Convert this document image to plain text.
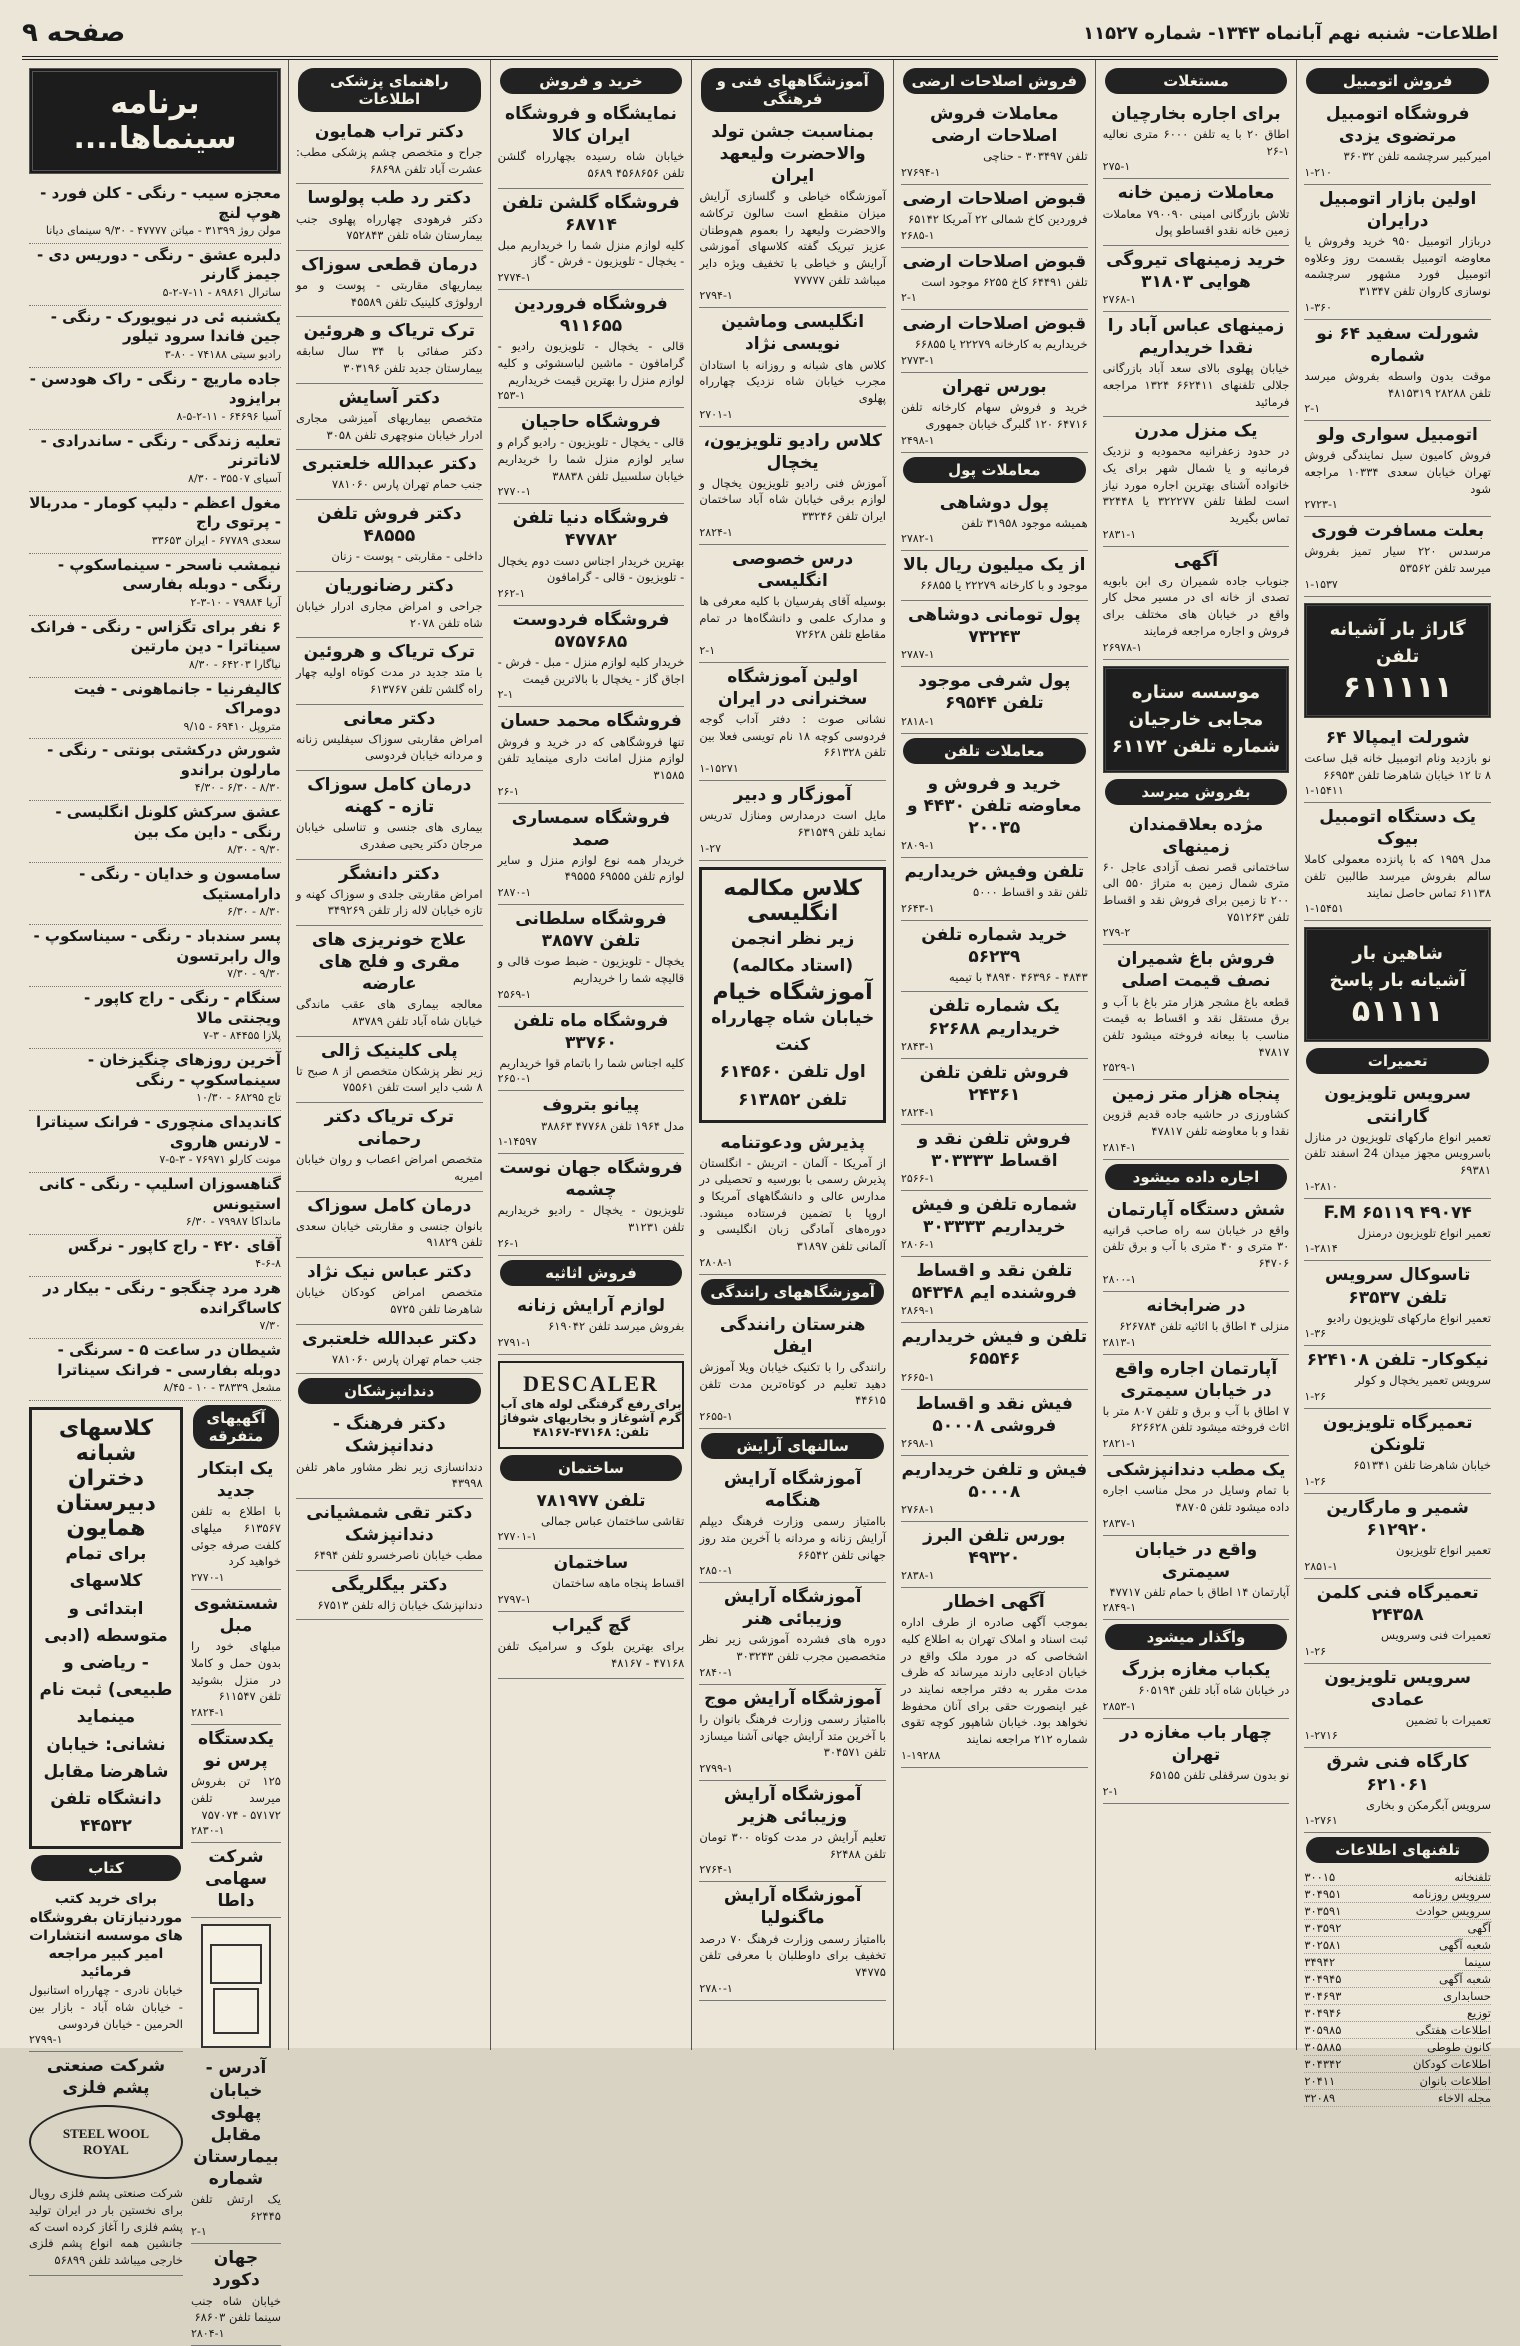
اطلاعات- شنبه نهم آبانماه ۱۳۴۳- شماره ۱۱۵۲۷
صفحه ۹
فروش اتومبیل
فروشگاه اتومبیل مرتضوی یزدی

امیرکبیر سرچشمه تلفن ۳۶۰۳۲

۱-۲۱۰
اولین بازار اتومبیل درایران

دربازار اتومبیل ۹۵۰ خرید وفروش یا معاوضه اتومبیل بقسمت روز وعلاوه اتومبیل فورد مشهور سرچشمه نوسازی کاروان تلفن ۳۱۳۴۷

۱-۳۶۰
شورلت سفید ۶۴ نو شماره

موقت بدون واسطه بفروش میرسد تلفن ۲۸۲۸۸ ۴۸۱۵۳۱۹

۲-۱
اتومبیل سواری ولو

فروش کامیون سیل نمایندگی فروش تهران خیابان سعدی ۱۰۳۳۴ مراجعه شود

۲۷۲۳-۱
بعلت مسافرت فوری

مرسدس ۲۲۰ سیار تمیز بفروش میرسد تلفن ۵۳۵۶۲

۱-۱۵۳۷
گاراژ بار آشیانه
تلفن
۶۱۱۱۱۱
شورلت ایمپالا ۶۴

نو بازدید ونام اتومبیل خانه قبل ساعت ۸ تا ۱۲ خیابان شاهرضا تلفن ۶۶۹۵۳

۱-۱۵۴۱۱
یک دستگاه اتومبیل بیوک

مدل ۱۹۵۹ که با پانزده معمولی کاملا سالم بفروش میرسد طالبین تلفن ۶۱۱۳۸ تماس حاصل نمایند

۱-۱۵۴۵۱
شاهین بار
آشیانه بار پاسخ
۵۱۱۱۱
تعمیرات
سرویس تلویزیون گارانتی

تعمیر انواع مارکهای تلویزیون در منازل باسرویس مجهز میدان 24 اسفند تلفن ۶۹۳۸۱

۱-۲۸۱۰
F.M ۶۵۱۱۹ ۴۹۰۷۴

تعمیر انواع تلویزیون درمنزل

۱-۲۸۱۴
تاسوکال سرویس تلفن ۶۳۵۳۷

تعمیر انواع مارکهای تلویزیون رادیو

۱-۳۶
نیکوکار- تلفن ۶۲۴۱۰۸

سرویس تعمیر یخچال و کولر

۱-۲۶
تعمیرگاه تلویزیون تلونکن

خیابان شاهرضا تلفن ۶۵۱۳۴۱

۱-۲۶
شمیر و مارگارین ۶۱۲۹۲۰

تعمیر انواع تلویزیون

۲۸۵۱-۱
تعمیرگاه فنی کلمن ۲۴۳۵۸

تعمیرات فنی وسرویس

۱-۲۶
سرویس تلویزیون عمادی

تعمیرات با تضمین

۱-۲۷۱۶
کارگاه فنی شرق ۶۲۱۰۶۱

سرویس آبگرمکن و بخاری

۱-۲۷۶۱
تلفنهای اطلاعات
تلفنخانه
۳۰۰۱۵
سرویس روزنامه
۳۰۴۹۵۱
سرویس حوادث
۳۰۳۵۹۱
آگهی
۳۰۳۵۹۲
شعبه آگهی
۳۰۲۵۸۱
سینما
۳۴۹۴۲
شعبه آگهی
۳۰۴۹۴۵
حسابداری
۳۰۴۶۹۳
توزیع
۳۰۴۹۴۶
اطلاعات هفتگی
۳۰۵۹۸۵
کانون طوطی
۳۰۵۸۸۵
اطلاعات کودکان
۳۰۴۳۴۲
اطلاعات بانوان
۲۰۴۱۱
مجله الاخاء
۳۲۰۸۹
مستغلات
برای اجاره بخارچیان

اطاق ۲۰ با یه تلفن ۶۰۰۰ متری نعالیه ۱-۲۶

۲۷۵-۱
معاملات زمین خانه

تلاش بازرگانی امینی ۷۹۰۰۹۰ معاملات زمین خانه نقدو اقساطو پول

خرید زمینهای تیروگی هوایی ۳۱۸۰۳
۲۷۶۸-۱
زمینهای عباس آباد را نقدا خریداریم

خیابان پهلوی بالای سعد آباد بازرگانی جلالی تلفنهای ۶۶۲۴۱۱ ۱۳۲۴ مراجعه فرمائید

یک منزل مدرن

در حدود زعفرانیه محمودیه و نزدیک فرمانیه و یا شمال شهر برای یک خانواده آشنای بهترین اجاره مورد نیاز است لطفا تلفن ۳۲۲۲۷۷ یا ۳۲۴۴۸ تماس بگیرید

۲۸۳۱-۱
آگهی

جنوباب جاده شمیران ری ابن بابویه تصدی از خانه ای در مسیر محل کار واقع در خیابان های مختلف برای فروش و اجاره مراجعه فرمایند

۲۶۹۷۸-۱
موسسه ستاره مجابی خارجیان
شماره تلفن ۶۱۱۷۲
بفروش میرسد
مژده بعلاقمندان زمینهای

ساختمانی قصر نصف آزادی عاجل ۶۰ متری شمال زمین به متراژ ۵۵۰ الی ۲۰۰ تا زمین برای فروش نقد و اقساط تلفن ۷۵۱۲۶۳

۲۷۹-۲
فروش باغ شمیران نصف قیمت اصلی

قطعه باغ مشجر هزار متر باغ با آب و برق مستقل نقد و اقساط به قیمت مناسب با بیعانه فروخته میشود تلفن ۴۷۸۱۷

۲۵۲۹-۱
پنجاه هزار متر زمین

کشاورزی در حاشیه جاده قدیم قزوین نقدا و با معاوضه تلفن ۴۷۸۱۷

۲۸۱۴-۱
اجاره داده میشود
شش دستگاه آپارتمان

واقع در خیابان سه راه صاحب قرانیه ۳۰ متری و ۴۰ متری با آب و برق تلفن ۶۴۷۰۶

۲۸۰۰-۱
در ضرابخانه

منزلی ۴ اطاق با اثاثیه تلفن ۶۲۶۷۸۴

۲۸۱۳-۱
آپارتمان اجاره واقع در خیابان سیمتری

۷ اطاق با آب و برق و تلفن ۸۰۷ متر با اثاث فروخته میشود تلفن ۶۲۶۶۲۸

۲۸۲۱-۱
یک مطب دندانپزشکی

با تمام وسایل در محل مناسب اجاره داده میشود تلفن ۴۸۷۰۵

۲۸۳۷-۱
واقع در خیابان سیمتری

آپارتمان ۱۴ اطاق با حمام تلفن ۴۷۷۱۷

۲۸۴۹-۱
واگذار میشود
یکباب مغازه بزرگ

در خیابان شاه آباد تلفن ۶۰۵۱۹۴

۲۸۵۳-۱
چهار باب مغازه در تهران

نو بدون سرقفلی تلفن ۶۵۱۵۵

۲-۱
فروش اصلاحات ارضی
معاملات فروش اصلاحات ارضی

تلفن ۳۰۳۴۹۷ - حناچی

۲۷۶۹۴-۱
قبوض اصلاحات ارضی

فروردین کاخ شمالی ۲۲ آمریکا ۶۵۱۴۲

۲۶۸۵-۱
قبوض اصلاحات ارضی

تلفن ۶۴۴۹۱ کاخ ۶۲۵۵ موجود است

۲-۱
قبوض اصلاحات ارضی

خریداریم به کارخانه ۲۲۲۷۹ یا ۶۶۸۵۵

۲۷۷۳-۱
بورس تهران

خرید و فروش سهام کارخانه تلفن ۶۴۷۱۶ ۱۲۰ گلبرگ خیابان جمهوری

۲۴۹۸-۱
معاملات پول
پول دوشاهی

همیشه موجود ۳۱۹۵۸ تلفن

۲۷۸۲-۱
از یک میلیون ریال بالا

موجود و با کارخانه ۲۲۲۷۹ یا ۶۶۸۵۵

پول تومانی دوشاهی ۷۳۲۴۳
۲۷۸۷-۱
پول شرفی موجود تلفن ۶۹۵۴۴
۲۸۱۸-۱
معاملات تلفن
خرید و فروش و معاوضه تلفن ۴۴۳۰ و ۲۰۰۳۵
۲۸۰۹-۱
تلفن وفیش خریداریم

تلفن نقد و اقساط ۵۰۰۰

۲۶۴۳-۱
خرید شماره تلفن ۵۶۲۳۹

۴۸۴۳ - ۴۶۳۹۶ ۴۸۹۴۰ با تیمیه

یک شماره تلفن خریداریم ۶۲۶۸۸
۲۸۴۳-۱
فروش تلفن تلفن ۲۴۳۶۱
۲۸۲۴-۱
فروش تلفن نقد و اقساط ۳۰۳۳۳۳
۲۵۶۶-۱
شماره تلفن و فیش خریداریم ۳۰۳۳۳۳
۲۸۰۶-۱
تلفن نقد و اقساط فروشنده ایم ۵۴۳۴۸
۲۸۶۹-۱
تلفن و فیش خریداریم ۶۵۵۴۶
۲۶۶۵-۱
فیش نقد و اقساط فروشی ۵۰۰۰۸
۲۶۹۸-۱
فیش و تلفن خریداریم ۵۰۰۰۸
۲۷۶۸-۱
بورس تلفن البرز ۴۹۳۲۰
۲۸۳۸-۱
آگهی اخطار

بموجب آگهی صادره از طرف اداره ثبت اسناد و املاک تهران به اطلاع کلیه اشخاصی که در مورد ملک واقع در خیابان ادعایی دارند میرساند که ظرف مدت مقرر به دفتر مراجعه نمایند در غیر اینصورت حقی برای آنان محفوظ نخواهد بود. خیابان شاهپور کوچه تقوی شماره ۲۱۲ مراجعه نمایند

۱-۱۹۲۸۸
آموزشگاههای فنی و فرهنگی
بمناسبت جشن تولد والاحضرت ولیعهد ایران

آموزشگاه خیاطی و گلسازی آرایش میزان منقطع است سالون ترکاشه والاحضرت ولیعهد را بعموم هم‌وطنان عزیز تبریک گفته کلاسهای آموزشی آرایش و خیاطی با تخفیف ویژه دایر میباشد تلفن ۷۷۷۷۷

۲۷۹۴-۱
انگلیسی وماشین نویسی نژاد

کلاس های شبانه و روزانه با استادان مجرب خیابان شاه نزدیک چهارراه پهلوی

۲۷۰۱-۱
کلاس رادیو تلویزیون، یخچال

آموزش فنی رادیو تلویزیون یخچال و لوازم برقی خیابان شاه آباد ساختمان ایران تلفن ۳۳۲۴۶

۲۸۲۴-۱
درس خصوصی انگلیسی

بوسیله آقای پفرسیان با کلیه معرفی ها و مدارک علمی و دانشگاه‌ها در تمام مقاطع تلفن ۷۲۶۲۸

۲-۱
اولین آموزشگاه سخنرانی در ایران

نشانی صوت : دفتر آداب گوجه فردوسی کوچه ۱۸ نام تویسی فعلا بین تلفن ۶۶۱۳۲۸

۱-۱۵۲۷۱
آموزگار و دبیر

مایل است درمدارس ومنازل تدریس نماید تلفن ۶۳۱۵۴۹

۱-۲۷
کلاس مکالمه انگلیسی
زیر نظر انجمن (استاد مکالمه)
آموزشگاه خیام
خیابان شاه چهارراه کنت
اول تلفن ۶۱۴۵۶۰ تلفن ۶۱۳۸۵۲
پذیرش ودعوتنامه

از آمریکا - آلمان - اتریش - انگلستان پذیرش رسمی با بورسیه و تحصیلی در مدارس عالی و دانشگاههای آمریکا و اروپا با تضمین فرستاده میشود. دوره‌های آمادگی زبان انگلیسی و آلمانی تلفن ۳۱۸۹۷

۲۸۰۸-۱
آموزشگاههای رانندگی
هنرستان رانندگی ایفل

رانندگی را با تکنیک خیابان ویلا آموزش دهید تعلیم در کوتاه‌ترین مدت تلفن ۴۴۶۱۵

۲۶۵۵-۱
سالنهای آرایش
آموزشگاه آرایش هنگامه

باامتیاز رسمی وزارت فرهنگ دیپلم آرایش زنانه و مردانه با آخرین متد روز جهانی تلفن ۶۶۵۴۲

۲۸۵۰-۱
آموزشگاه آرایش وزیبائی هنر

دوره های فشرده آموزشی زیر نظر متخصصین مجرب تلفن ۳۰۳۲۴۳

۲۸۴۰-۱
آموزشگاه آرایش موج

باامتیاز رسمی وزارت فرهنگ بانوان را با آخرین متد آرایش جهانی آشنا میسازد تلفن ۳۰۴۵۷۱

۲۷۹۹-۱
آموزشگاه آرایش وزیبائی هزیر

تعلیم آرایش در مدت کوتاه ۳۰۰ تومان تلفن ۶۲۴۸۸

۲۷۶۴-۱
آموزشگاه آرایش ماگنولیا

باامتیاز رسمی وزارت فرهنگ ۷۰ درصد تخفیف برای داوطلبان با معرفی تلفن ۷۴۷۷۵

۲۷۸۰-۱
خرید و فروش
نمایشگاه و فروشگاه ایران کالا

خیابان شاه رسیده بچهارراه گلشن تلفن ۴۵۶۸۶۵۶ ۵۶۸۹

فروشگاه گلشن تلفن ۶۸۷۱۴

کلیه لوازم منزل شما را خریداریم مبل - یخچال - تلویزیون - فرش - گاز

۲۷۷۴-۱
فروشگاه فروردین ۹۱۱۶۵۵

قالی - یخچال - تلویزیون رادیو - گرامافون - ماشین لباسشوئی و کلیه لوازم منزل را بهترین قیمت خریداریم

۲۵۳-۱
فروشگاه حاجیان

قالی - یخچال - تلویزیون - رادیو گرام و سایر لوازم منزل شما را خریداریم خیابان سلسبیل تلفن ۳۸۸۳۸

۲۷۷۰-۱
فروشگاه دنیا تلفن ۴۷۷۸۲

بهترین خریدار اجناس دست دوم یخچال - تلویزیون - قالی - گرامافون

۲۶۲-۱
فروشگاه فردوست ۵۷۵۷۶۸۵

خریدار کلیه لوازم منزل - مبل - فرش - اجاق گاز - یخچال با بالاترین قیمت

۲-۱
فروشگاه محمد حسان

تنها فروشگاهی که در خرید و فروش لوازم منزل امانت داری مینماید تلفن ۳۱۵۸۵

۲۶-۱
فروشگاه سمساری صمد

خریدار همه نوع لوازم منزل و سایر لوازم تلفن ۶۹۵۵۵ ۴۹۵۵۵

۲۸۷۰-۱
فروشگاه سلطانی تلفن ۳۸۵۷۷

یخچال - تلویزیون - ضبط صوت قالی و قالیچه شما را خریداریم

۲۵۶۹-۱
فروشگاه ماه تلفن ۳۳۷۶۰

کلیه اجناس شما را باتمام قوا خریداریم

۲۶۵۰-۱
پیانو بتروف

مدل ۱۹۶۴ تلفن ۴۷۷۶۸ ۳۸۸۶۳

۱-۱۴۵۹۷
فروشگاه جهان نوست چشمه

تلویزیون - یخچال - رادیو خریداریم تلفن ۳۱۲۳۱

۲۶-۱
فروش اثاثیه
لوازم آرایش زنانه

بفروش میرسد تلفن ۶۱۹۰۴۲

۲۷۹۱-۱
DESCALER
برای رفع گرفتگی لوله های آب گرم آشوغاز و بخاریهای شوفاژ
تلفن: ۴۷۱۶۸-۴۸۱۶۷
ساختمان
تلفن ۷۸۱۹۷۷

تقاشی ساختمان عباس جمالی

۲۷۷۰۱-۱
ساختمان

اقساط پنجاه ماهه ساختمان

۲۷۹۷-۱
گچ گیراب

برای بهترین بلوک و سرامیک تلفن ۴۷۱۶۸ - ۴۸۱۶۷

راهنمای پزشکی اطلاعات
دکتر تراب همایون

جراح و متخصص چشم پزشکی مطب: عشرت آباد تلفن ۶۸۶۹۸

دکتر رد طب پولوسا

دکتر فرهودی چهارراه پهلوی جنب بیمارستان شاه تلفن ۷۵۲۸۴۳

درمان قطعی سوزاک

بیماریهای مقاربتی - پوست و مو ارولوژی کلینیک تلفن ۴۵۵۸۹

ترک تریاک و هروئین

دکتر صفائی با ۳۴ سال سابقه بیمارستان جدید تلفن ۳۰۳۱۹۶

دکتر آسایش

متخصص بیماریهای آمیزشی مجاری ادرار خیابان منوچهری تلفن ۳۰۵۸

دکتر عبدالله خلعتبری

جنب حمام تهران پارس ۷۸۱۰۶۰

دکتر فروش تلفن ۴۸۵۵۵

داخلی - مقاربتی - پوست - زنان

دکتر رضانوریان

جراحی و امراض مجاری ادرار خیابان شاه تلفن ۲۰۷۸

ترک تریاک و هروئین

با متد جدید در مدت کوتاه اولیه چهار راه گلشن تلفن ۶۱۳۷۶۷

دکتر معانی

امراض مقاربتی سوزاک سیفلیس زنانه و مردانه خیابان فردوسی

درمان کامل سوزاک تازه - کهنه

بیماری های جنسی و تناسلی خیابان مرجان دکتر یحیی صفدری

دکتر دانشگر

امراض مقاربتی جلدی و سوزاک کهنه و تازه خیابان لاله زار تلفن ۳۴۹۲۶۹

علاج خونریزی های مقری و فلج های عارضه

معالجه بیماری های عقب ماندگی خیابان شاه آباد تلفن ۸۳۷۸۹

پلی کلینیک ژالی

زیر نظر پزشکان متخصص از ۸ صبح تا ۸ شب دایر است تلفن ۷۵۵۶۱

ترک تریاک دکتر رحمانی

متخصص امراض اعصاب و روان خیابان امیریه

درمان کامل سوزاک

بانوان جنسی و مقاربتی خیابان سعدی تلفن ۹۱۸۲۹

دکتر عباس نیک نژاد

متخصص امراض کودکان خیابان شاهرضا تلفن ۵۷۲۵

دکتر عبدالله خلعتبری

جنب حمام تهران پارس ۷۸۱۰۶۰

دندانپزشکان
دکتر فرهنگ - دندانپزشک

دندانسازی زیر نظر مشاور ماهر تلفن ۴۳۹۹۸

دکتر تقی شمشیانی دندانپزشک

مطب خیابان ناصرخسرو تلفن ۶۴۹۴

دکتر بیگلریگی

دندانپزشک خیابان ژاله تلفن ۶۷۵۱۳

برنامه سینماها....
معجزه سیب - رنگی - کلن فورد - هوپ لنچ

مولن روژ ۳۱۳۹۹ - میاتن ۴۷۷۷۷ - ۹/۳۰ سینمای دیانا

دلبره عشق - رنگی - دوریس دی - جیمز گارنر

ساترال ۸۹۸۶۱ - ۱۱-۷-۲-۵

یکشنبه ئی در نیویورک - رنگی - جین فاندا سرود تیلور

رادیو سیتی ۷۴۱۸۸ - ۸۰-۳

جاده ماریچ - رنگی - راک هودسن - برایزود

آسیا ۶۴۶۹۶ - ۱۱-۲-۵-۸

تعلیه زندگی - رنگی - ساندرادی - لاناترنر

آسیای ۳۵۵۰۷ - ۸/۳۰

مغول اعظم - دلیپ کومار - مدربالا - پرتوی راج

سعدی ۶۷۷۸۹ - ایران ۳۳۶۵۳

نیمشب ناسحر - سینماسکوپ - رنگی - دوبله بفارسی

آریا ۷۹۸۸۴ - ۱۰-۳-۲

۶ نفر برای تگزاس - رنگی - فرانک سیناترا - دین مارتین

نیاگارا ۶۴۲۰۳ - ۸/۳۰

کالیفرنیا - جانماهونی - فیت دومراک

متروپل ۶۹۴۱۰ - ۹/۱۵

شورش درکشتی بونتی - رنگی - مارلون براندو

۸/۳۰ - ۶/۳۰ - ۴/۳۰

عشق سرکش کلونل انگلیسی - رنگی - داین مک بین

۹/۳۰ - ۸/۳۰

سامسون و خدایان - رنگی - دارامستیک

۸/۳۰ - ۶/۳۰

پسر سندباد - رنگی - سیناسکوپ - وال رابرتسون

۹/۳۰ - ۷/۳۰

سنگام - رنگی - راج کاپور - ویجنتی مالا

پلازا ۸۴۴۵۵ - ۳-۷

آخرین روزهای چنگیزخان - سینماسکوپ - رنگی

تاج ۶۸۲۹۵ - ۱۰/۳۰

کاندیدای منچوری - فرانک سیناترا - لارنس هاروی

مونت کارلو ۷۶۹۷۱ - ۳-۵-۷

گناهسوزان اسلیپ - رنگی - کانی استیونس

مانداکا ۷۹۹۸۷ - ۶/۳۰

آقای ۴۲۰ - راج کاپور - نرگس

۴-۶-۸

هرد مرد چنگجو - رنگی - بیکار در کاساگرانده

۷/۳۰

شیطان در ساعت ۵ - سرنگی - دوبله بفارسی - فرانک سیناترا

مشعل ۳۸۳۳۹ - ۱۰ - ۸/۴۵

آگهیهای متفرقه
یک ابتکار جدید

با اطلاع به تلفن ۶۱۳۵۶۷ میلهای کلفت صرفه جوئی خواهید کرد

۲۷۷۰-۱
شستشوی مبل

مبلهای خود را بدون حمل و کاملا در منزل بشوئید تلفن ۶۱۱۵۴۷

۲۸۲۴-۱
یکدستگاه پرس نو

۱۲۵ تن بفروش میرسد تلفن ۵۷۱۷۲ - ۷۵۷۰۷۴

۲۸۳۰-۱
شرکت سهامی داطا
آدرس - خیابان پهلوی مقابل بیمارستان شماره

یک ارتش تلفن ۶۲۴۴۵

۲-۱
جهان دکورد

خیابان شاه جنب سینما تلفن ۶۸۶۰۳

۲۸۰۴-۱
کلاسهای شبانه دختران
دبیرستان همایون
برای تمام کلاسهای ابتدائی و متوسطه (ادبی - ریاضی و طبیعی) ثبت نام مینماید
نشانی: خیابان شاهرضا مقابل دانشگاه تلفن ۴۴۵۳۲
کتاب
برای خرید کتب موردنیازتان بفروشگاه های موسسه انتشارات امیر کبیر مراجعه فرمائید

خیابان نادری - چهارراه استانبول - خیابان شاه آباد - بازار بین الحرمین - خیابان فردوسی

۲۷۹۹-۱
شرکت صنعتی پشم فلزی
STEEL WOOL
ROYAL

شرکت صنعتی پشم فلزی رویال برای نخستین بار در ایران تولید پشم فلزی را آغاز کرده است که جانشین همه انواع پشم فلزی خارجی میباشد تلفن ۵۶۸۹۹
